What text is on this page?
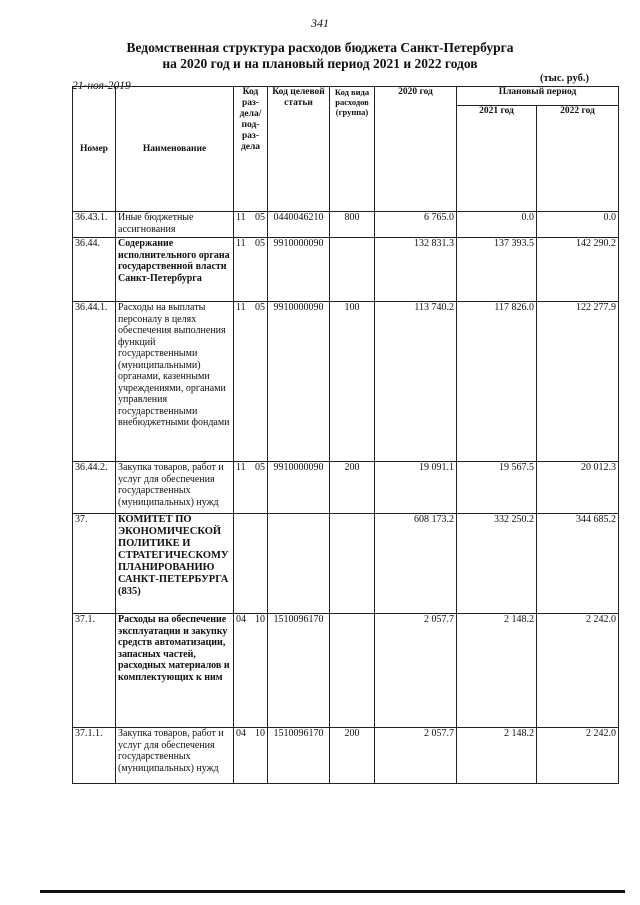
341
Ведомственная структура расходов бюджета Санкт-Петербурга
на 2020 год и на плановый период 2021 и 2022 годов
21-ноя-2019
(тыс. руб.)
Номер	Наименование	Код раз-дела/ под-раз-дела		Код целевой статьи	Код вида расходов (группа)	2020 год	Плановый период	
							2021 год	2022 год
36.43.1.	Иные бюджетные ассигнования	11	05	0440046210	800	6 765.0	0.0	0.0
36.44.	Содержание исполнительного органа государственной власти Санкт-Петербурга	11	05	9910000090		132 831.3	137 393.5	142 290.2
36.44.1.	Расходы на выплаты персоналу в целях обеспечения выполнения функций государственными (муниципальными) органами, казенными учреждениями, органами управления государственными внебюджетными фондами	11	05	9910000090	100	113 740.2	117 826.0	122 277.9
36.44.2.	Закупка товаров, работ и услуг для обеспечения государственных (муниципальных) нужд	11	05	9910000090	200	19 091.1	19 567.5	20 012.3
37.	КОМИТЕТ ПО ЭКОНОМИЧЕСКОЙ ПОЛИТИКЕ И СТРАТЕГИЧЕСКОМУ ПЛАНИРОВАНИЮ САНКТ-ПЕТЕРБУРГА (835)					608 173.2	332 250.2	344 685.2
37.1.	Расходы на обеспечение эксплуатации и закупку средств автоматизации, запасных частей, расходных материалов и комплектующих к ним	04	10	1510096170		2 057.7	2 148.2	2 242.0
37.1.1.	Закупка товаров, работ и услуг для обеспечения государственных (муниципальных) нужд	04	10	1510096170	200	2 057.7	2 148.2	2 242.0
